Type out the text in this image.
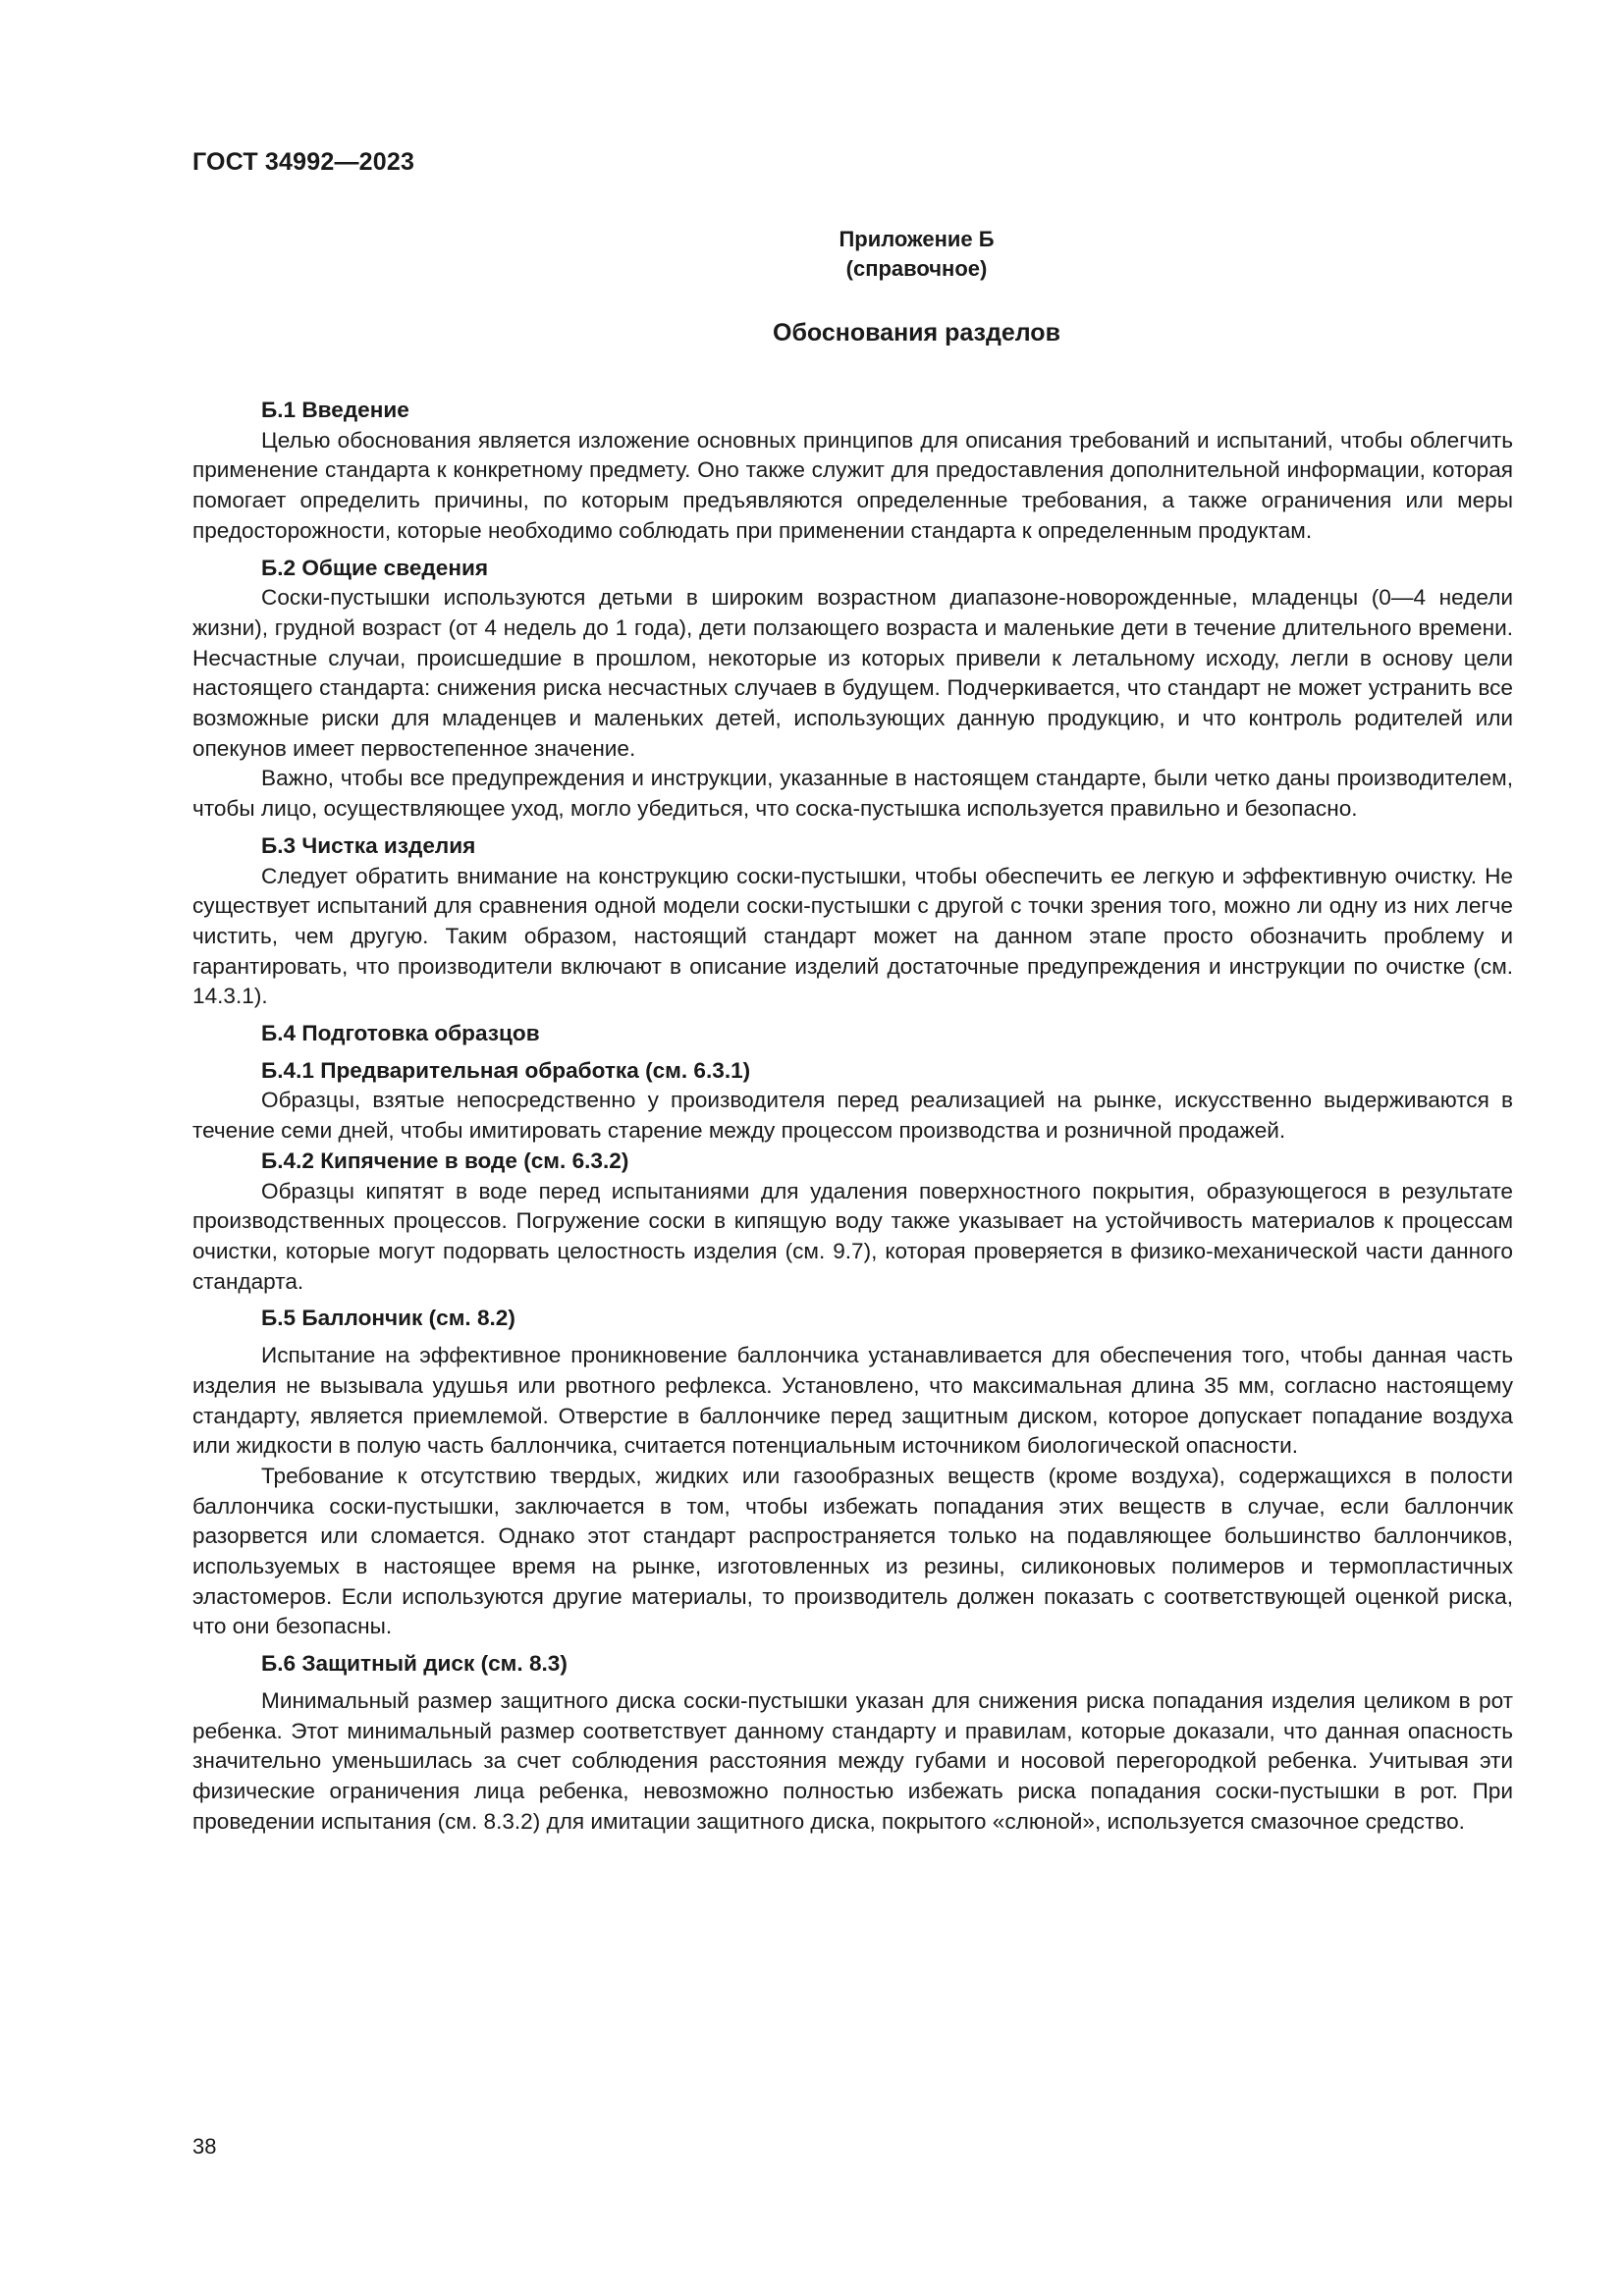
ГОСТ 34992—2023
Приложение Б
(справочное)
Обоснования разделов
Б.1 Введение

Целью обоснования является изложение основных принципов для описания требований и испытаний, чтобы облегчить применение стандарта к конкретному предмету. Оно также служит для предоставления дополнительной информации, которая помогает определить причины, по которым предъявляются определенные требования, а также ограничения или меры предосторожности, которые необходимо соблюдать при применении стандарта к определенным продуктам.

Б.2 Общие сведения

Соски-пустышки используются детьми в широким возрастном диапазоне-новорожденные, младенцы (0—4 недели жизни), грудной возраст (от 4 недель до 1 года), дети ползающего возраста и маленькие дети в течение длительного времени. Несчастные случаи, происшедшие в прошлом, некоторые из которых привели к летальному исходу, легли в основу цели настоящего стандарта: снижения риска несчастных случаев в будущем. Подчеркивается, что стандарт не может устранить все возможные риски для младенцев и маленьких детей, использующих данную продукцию, и что контроль родителей или опекунов имеет первостепенное значение.

Важно, чтобы все предупреждения и инструкции, указанные в настоящем стандарте, были четко даны производителем, чтобы лицо, осуществляющее уход, могло убедиться, что соска-пустышка используется правильно и безопасно.

Б.3 Чистка изделия

Следует обратить внимание на конструкцию соски-пустышки, чтобы обеспечить ее легкую и эффективную очистку. Не существует испытаний для сравнения одной модели соски-пустышки с другой с точки зрения того, можно ли одну из них легче чистить, чем другую. Таким образом, настоящий стандарт может на данном этапе просто обозначить проблему и гарантировать, что производители включают в описание изделий достаточные предупреждения и инструкции по очистке (см. 14.3.1).

Б.4 Подготовка образцов
Б.4.1 Предварительная обработка (см. 6.3.1)

Образцы, взятые непосредственно у производителя перед реализацией на рынке, искусственно выдерживаются в течение семи дней, чтобы имитировать старение между процессом производства и розничной продажей.

Б.4.2 Кипячение в воде (см. 6.3.2)

Образцы кипятят в воде перед испытаниями для удаления поверхностного покрытия, образующегося в результате производственных процессов. Погружение соски в кипящую воду также указывает на устойчивость материалов к процессам очистки, которые могут подорвать целостность изделия (см. 9.7), которая проверяется в физико-механической части данного стандарта.

Б.5 Баллончик (см. 8.2)

Испытание на эффективное проникновение баллончика устанавливается для обеспечения того, чтобы данная часть изделия не вызывала удушья или рвотного рефлекса. Установлено, что максимальная длина 35 мм, согласно настоящему стандарту, является приемлемой. Отверстие в баллончике перед защитным диском, которое допускает попадание воздуха или жидкости в полую часть баллончика, считается потенциальным источником биологической опасности.

Требование к отсутствию твердых, жидких или газообразных веществ (кроме воздуха), содержащихся в полости баллончика соски-пустышки, заключается в том, чтобы избежать попадания этих веществ в случае, если баллончик разорвется или сломается. Однако этот стандарт распространяется только на подавляющее большинство баллончиков, используемых в настоящее время на рынке, изготовленных из резины, силиконовых полимеров и термопластичных эластомеров. Если используются другие материалы, то производитель должен показать с соответствующей оценкой риска, что они безопасны.

Б.6 Защитный диск (см. 8.3)

Минимальный размер защитного диска соски-пустышки указан для снижения риска попадания изделия целиком в рот ребенка. Этот минимальный размер соответствует данному стандарту и правилам, которые доказали, что данная опасность значительно уменьшилась за счет соблюдения расстояния между губами и носовой перегородкой ребенка. Учитывая эти физические ограничения лица ребенка, невозможно полностью избежать риска попадания соски-пустышки в рот. При проведении испытания (см. 8.3.2) для имитации защитного диска, покрытого «слюной», используется смазочное средство.

38
